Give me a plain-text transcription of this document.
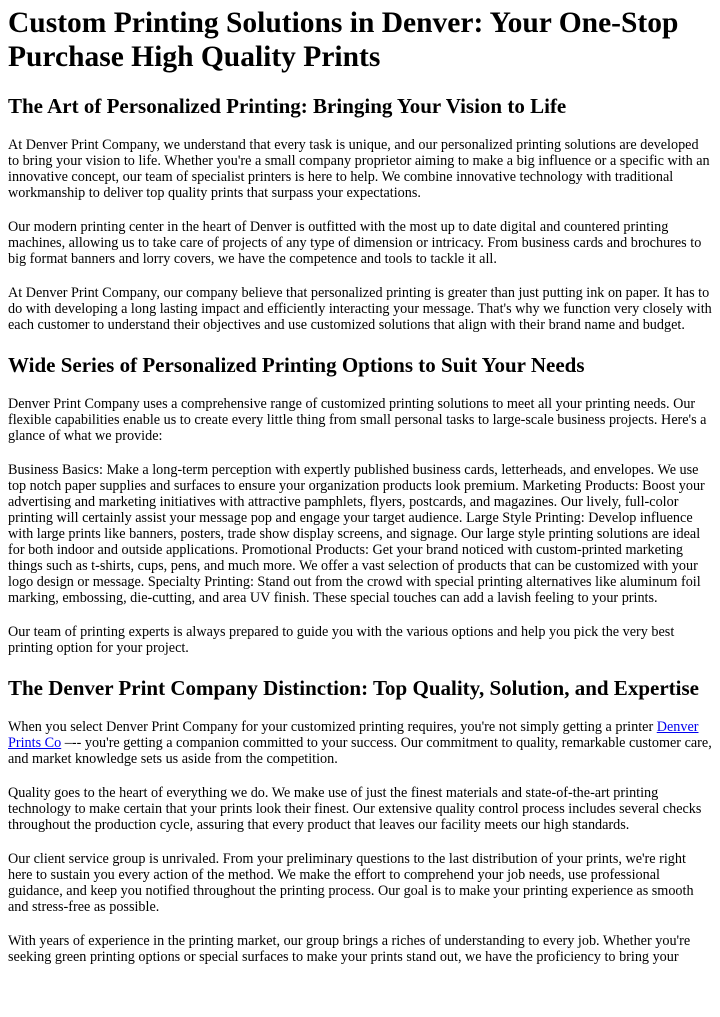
Custom Printing Solutions in Denver: Your One-Stop Purchase High Quality Prints
The Art of Personalized Printing: Bringing Your Vision to Life

At Denver Print Company, we understand that every task is unique, and our personalized printing solutions are developed to bring your vision to life. Whether you're a small company proprietor aiming to make a big influence or a specific with an innovative concept, our team of specialist printers is here to help. We combine innovative technology with traditional workmanship to deliver top quality prints that surpass your expectations.

Our modern printing center in the heart of Denver is outfitted with the most up to date digital and countered printing machines, allowing us to take care of projects of any type of dimension or intricacy. From business cards and brochures to big format banners and lorry covers, we have the competence and tools to tackle it all.

At Denver Print Company, our company believe that personalized printing is greater than just putting ink on paper. It has to do with developing a long lasting impact and efficiently interacting your message. That's why we function very closely with each customer to understand their objectives and use customized solutions that align with their brand name and budget.

Wide Series of Personalized Printing Options to Suit Your Needs

Denver Print Company uses a comprehensive range of customized printing solutions to meet all your printing needs. Our flexible capabilities enable us to create every little thing from small personal tasks to large-scale business projects. Here's a glance of what we provide:

Business Basics: Make a long-term perception with expertly published business cards, letterheads, and envelopes. We use top notch paper supplies and surfaces to ensure your organization products look premium. Marketing Products: Boost your advertising and marketing initiatives with attractive pamphlets, flyers, postcards, and magazines. Our lively, full-color printing will certainly assist your message pop and engage your target audience. Large Style Printing: Develop influence with large prints like banners, posters, trade show display screens, and signage. Our large style printing solutions are ideal for both indoor and outside applications. Promotional Products: Get your brand noticed with custom-printed marketing things such as t-shirts, cups, pens, and much more. We offer a vast selection of products that can be customized with your logo design or message. Specialty Printing: Stand out from the crowd with special printing alternatives like aluminum foil marking, embossing, die-cutting, and area UV finish. These special touches can add a lavish feeling to your prints.

Our team of printing experts is always prepared to guide you with the various options and help you pick the very best printing option for your project.

The Denver Print Company Distinction: Top Quality, Solution, and Expertise

When you select Denver Print Company for your customized printing requires, you're not simply getting a printer Denver Prints Co –-- you're getting a companion committed to your success. Our commitment to quality, remarkable customer care, and market knowledge sets us aside from the competition.

Quality goes to the heart of everything we do. We make use of just the finest materials and state-of-the-art printing technology to make certain that your prints look their finest. Our extensive quality control process includes several checks throughout the production cycle, assuring that every product that leaves our facility meets our high standards.

Our client service group is unrivaled. From your preliminary questions to the last distribution of your prints, we're right here to sustain you every action of the method. We make the effort to comprehend your job needs, use professional guidance, and keep you notified throughout the printing process. Our goal is to make your printing experience as smooth and stress-free as possible.

With years of experience in the printing market, our group brings a riches of understanding to every job. Whether you're seeking green printing options or special surfaces to make your prints stand out, we have the proficiency to bring your
